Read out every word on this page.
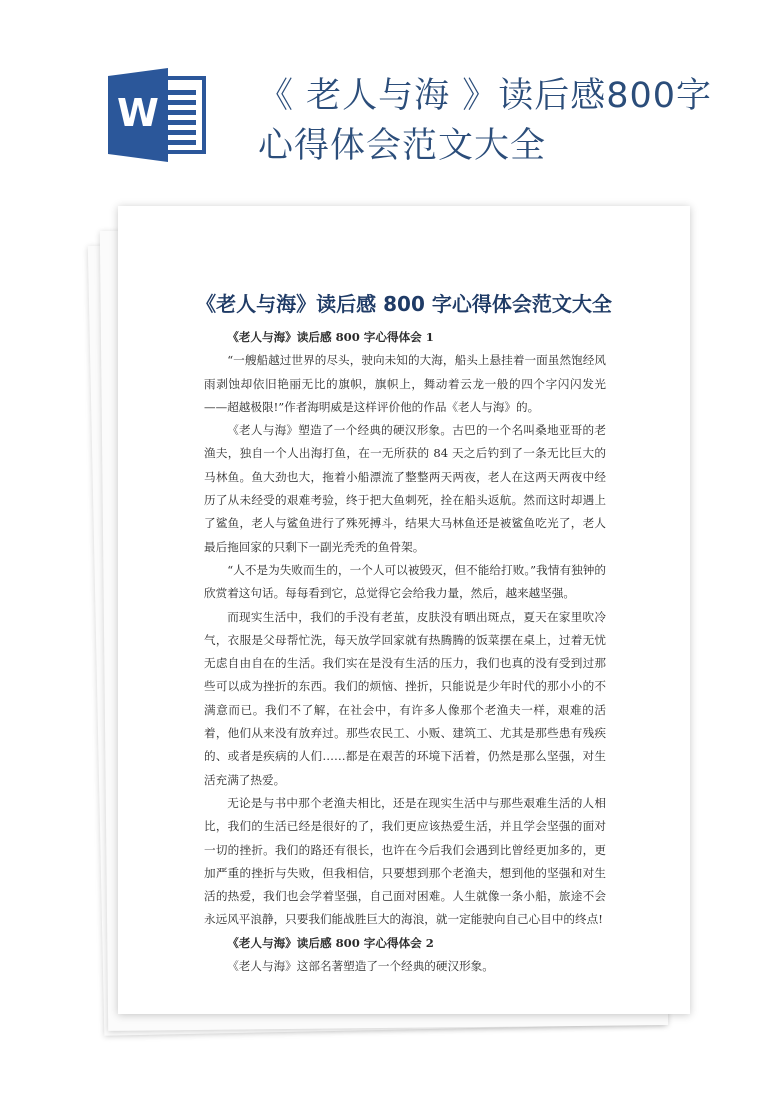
W	《 老人与海 》读后感800字
心得体会范文大全
《老人与海》读后感 800 字心得体会范文大全

《老人与海》读后感 800 字心得体会 1

“一艘船越过世界的尽头，驶向未知的大海，船头上悬挂着一面虽然饱经风雨剥蚀却依旧艳丽无比的旗帜，旗帜上，舞动着云龙一般的四个字闪闪发光——超越极限!”作者海明威是这样评价他的作品《老人与海》的。

《老人与海》塑造了一个经典的硬汉形象。古巴的一个名叫桑地亚哥的老渔夫，独自一个人出海打鱼，在一无所获的 84 天之后钓到了一条无比巨大的马林鱼。鱼大劲也大，拖着小船漂流了整整两天两夜，老人在这两天两夜中经历了从未经受的艰难考验，终于把大鱼刺死，拴在船头返航。然而这时却遇上了鲨鱼，老人与鲨鱼进行了殊死搏斗，结果大马林鱼还是被鲨鱼吃光了，老人最后拖回家的只剩下一副光秃秃的鱼骨架。

“人不是为失败而生的，一个人可以被毁灭，但不能给打败。”我情有独钟的欣赏着这句话。每每看到它，总觉得它会给我力量，然后，越来越坚强。

而现实生活中，我们的手没有老茧，皮肤没有晒出斑点，夏天在家里吹冷气，衣服是父母帮忙洗，每天放学回家就有热腾腾的饭菜摆在桌上，过着无忧无虑自由自在的生活。我们实在是没有生活的压力，我们也真的没有受到过那些可以成为挫折的东西。我们的烦恼、挫折，只能说是少年时代的那小小的不满意而已。我们不了解，在社会中，有许多人像那个老渔夫一样，艰难的活着，他们从来没有放弃过。那些农民工、小贩、建筑工、尤其是那些患有残疾的、或者是疾病的人们……都是在艰苦的环境下活着，仍然是那么坚强，对生活充满了热爱。

无论是与书中那个老渔夫相比，还是在现实生活中与那些艰难生活的人相比，我们的生活已经是很好的了，我们更应该热爱生活，并且学会坚强的面对一切的挫折。我们的路还有很长，也许在今后我们会遇到比曾经更加多的，更加严重的挫折与失败，但我相信，只要想到那个老渔夫，想到他的坚强和对生活的热爱，我们也会学着坚强，自己面对困难。人生就像一条小船，旅途不会永远风平浪静，只要我们能战胜巨大的海浪，就一定能驶向自己心目中的终点!

《老人与海》读后感 800 字心得体会 2

《老人与海》这部名著塑造了一个经典的硬汉形象。
